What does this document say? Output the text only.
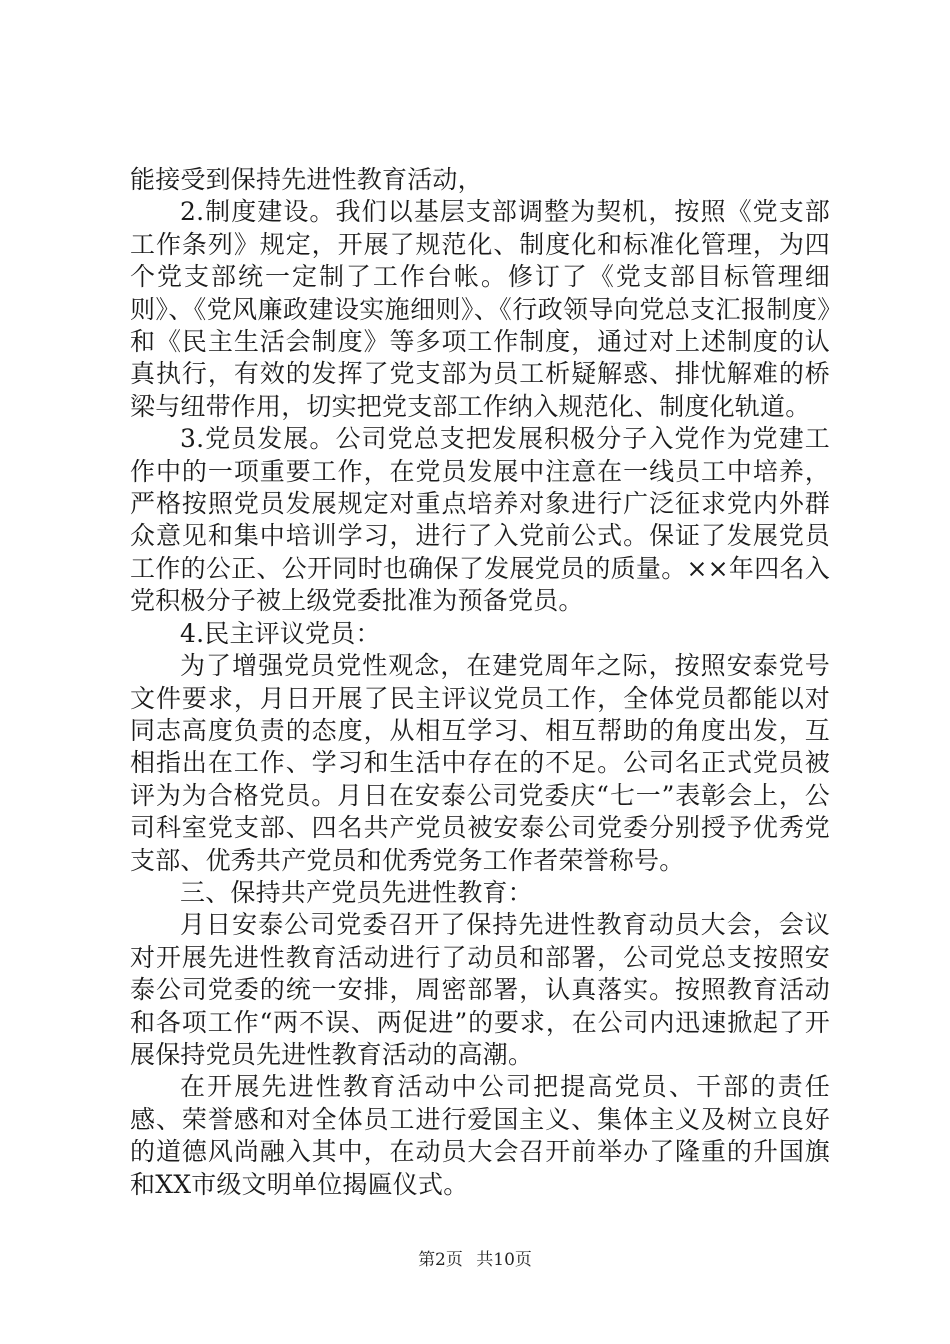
能接受到保持先进性教育活动，

2.制度建设。我们以基层支部调整为契机，按照《党支部工作条列》规定，开展了规范化、制度化和标准化管理，为四个党支部统一定制了工作台帐。修订了《党支部目标管理细则》、《党风廉政建设实施细则》、《行政领导向党总支汇报制度》和《民主生活会制度》等多项工作制度，通过对上述制度的认真执行，有效的发挥了党支部为员工析疑解惑、排忧解难的桥梁与纽带作用，切实把党支部工作纳入规范化、制度化轨道。

3.党员发展。公司党总支把发展积极分子入党作为党建工作中的一项重要工作，在党员发展中注意在一线员工中培养，严格按照党员发展规定对重点培养对象进行广泛征求党内外群众意见和集中培训学习，进行了入党前公式。保证了发展党员工作的公正、公开同时也确保了发展党员的质量。××年四名入党积极分子被上级党委批准为预备党员。

4.民主评议党员：

为了增强党员党性观念，在建党周年之际，按照安泰党号文件要求，月日开展了民主评议党员工作，全体党员都能以对同志高度负责的态度，从相互学习、相互帮助的角度出发，互相指出在工作、学习和生活中存在的不足。公司名正式党员被评为为合格党员。月日在安泰公司党委庆“七一”表彰会上，公司科室党支部、四名共产党员被安泰公司党委分别授予优秀党支部、优秀共产党员和优秀党务工作者荣誉称号。

三、保持共产党员先进性教育：

月日安泰公司党委召开了保持先进性教育动员大会，会议对开展先进性教育活动进行了动员和部署，公司党总支按照安泰公司党委的统一安排，周密部署，认真落实。按照教育活动和各项工作“两不误、两促进”的要求，在公司内迅速掀起了开展保持党员先进性教育活动的高潮。

在开展先进性教育活动中公司把提高党员、干部的责任感、荣誉感和对全体员工进行爱国主义、集体主义及树立良好的道德风尚融入其中，在动员大会召开前举办了隆重的升国旗和XX市级文明单位揭匾仪式。

第2页 共10页
